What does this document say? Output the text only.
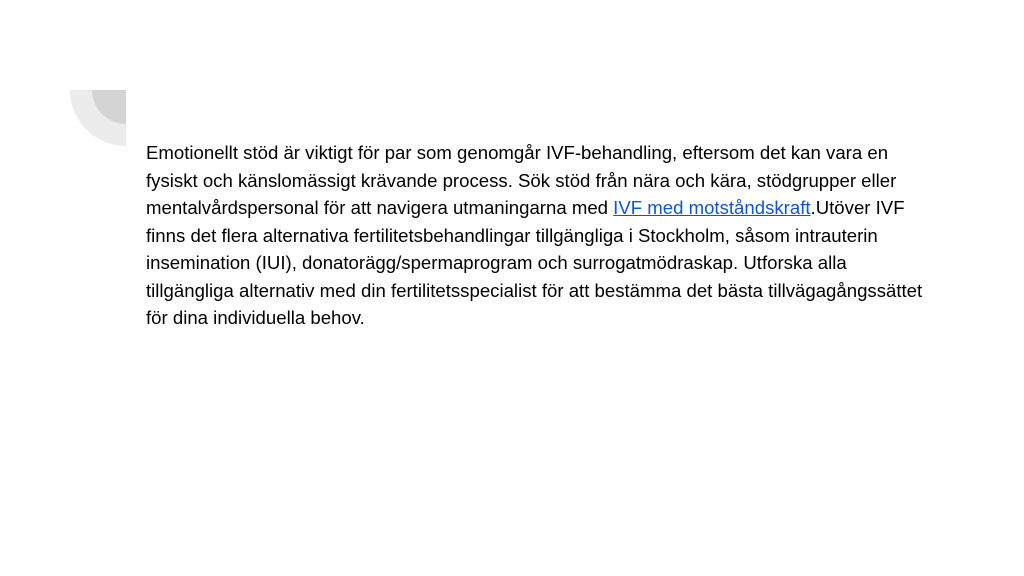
Emotionellt stöd är viktigt för par som genomgår IVF-behandling, eftersom det kan vara en fysiskt och känslomässigt krävande process. Sök stöd från nära och kära, stödgrupper eller mentalvårdspersonal för att navigera utmaningarna med IVF med motståndskraft.Utöver IVF finns det flera alternativa fertilitetsbehandlingar tillgängliga i Stockholm, såsom intrauterin insemination (IUI), donatorägg/spermaprogram och surrogatmödraskap. Utforska alla tillgängliga alternativ med din fertilitetsspecialist för att bestämma det bästa tillvägagångssättet för dina individuella behov.
